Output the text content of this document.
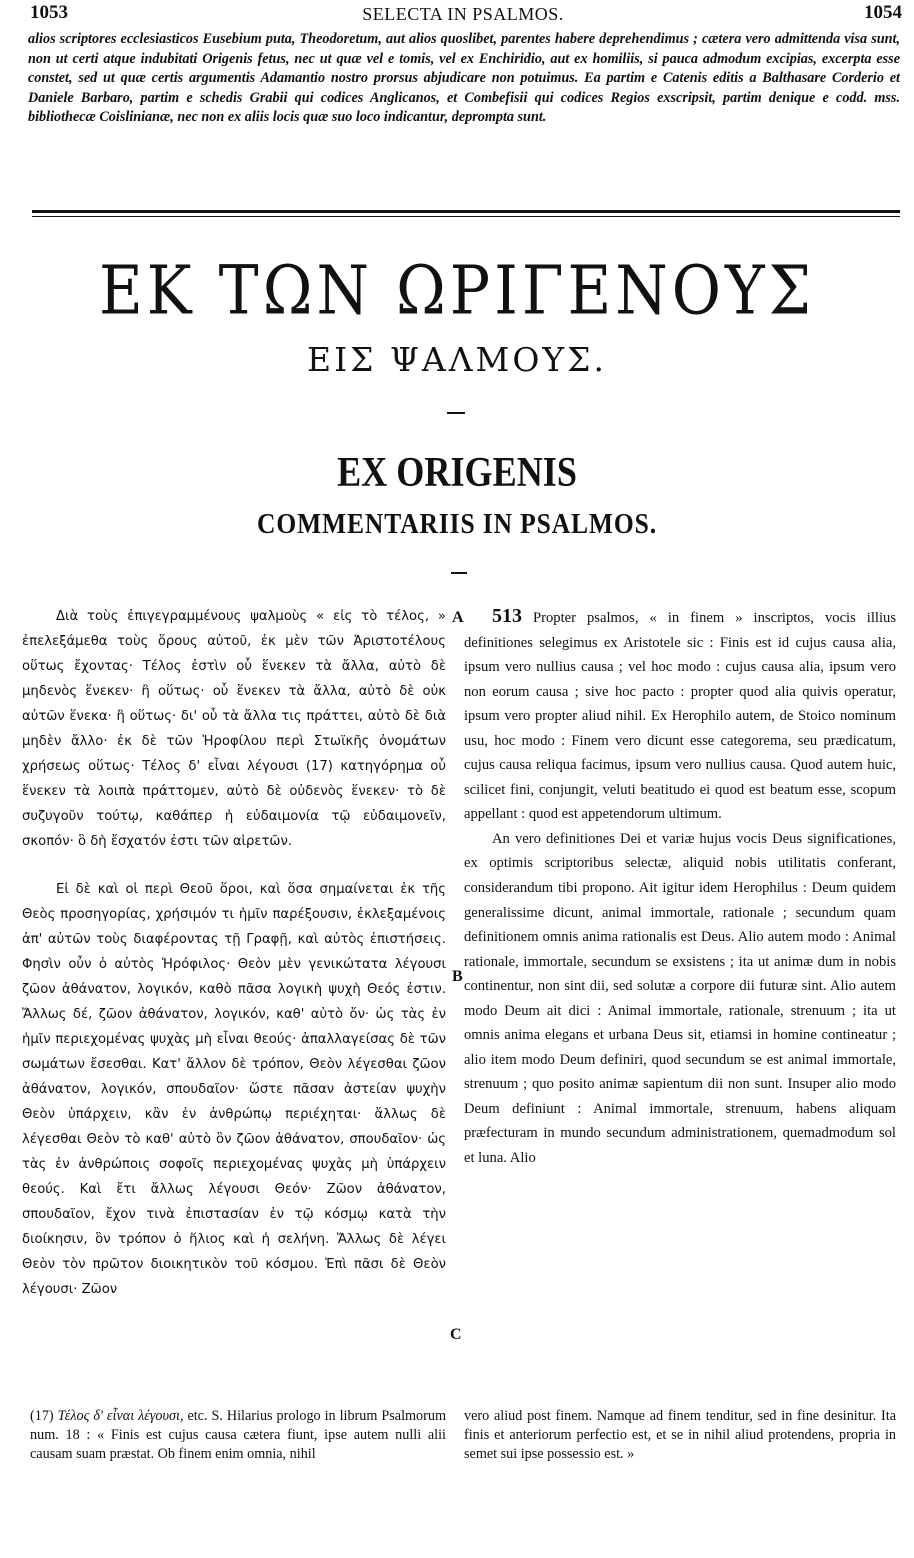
1053	SELECTA IN PSALMOS.	1054
alios scriptores ecclesiasticos Eusebium puta, Theodoretum, aut alios quoslibet, parentes habere deprehendimus ; cætera vero admittenda visa sunt, non ut certi atque indubitati Origenis fetus, nec ut quæ vel e tomis, vel ex Enchiridio, aut ex homiliis, si pauca admodum excipias, excerpta esse constet, sed ut quæ certis argumentis Adamantio nostro prorsus abjudicare non potuimus. Ea partim e Catenis editis a Balthasare Corderio et Daniele Barbaro, partim e schedis Grabii qui codices Anglicanos, et Combefisii qui codices Regios exscripsit, partim denique e codd. mss. bibliothecæ Coislinianæ, nec non ex aliis locis quæ suo loco indicantur, deprompta sunt.
ΕΚ ΤΩΝ ΩΡΙΓΕΝΟΥΣ
ΕΙΣ ΨΑΛΜΟΥΣ.
EX ORIGENIS
COMMENTARIIS IN PSALMOS.

Διὰ τοὺς ἐπιγεγραμμένους ψαλμοὺς « εἰς τὸ τέλος, » ἐπελεξάμεθα τοὺς ὅρους αὐτοῦ, ἐκ μὲν τῶν Ἀριστοτέλους οὕτως ἔχοντας· Τέλος ἐστὶν οὗ ἕνεκεν τὰ ἄλλα, αὐτὸ δὲ μηδενὸς ἕνεκεν· ἢ οὕτως· οὗ ἕνεκεν τὰ ἄλλα, αὐτὸ δὲ οὐκ αὐτῶν ἕνεκα· ἢ οὕτως· δι' οὗ τὰ ἄλλα τις πράττει, αὐτὸ δὲ διὰ μηδὲν ἄλλο· ἐκ δὲ τῶν Ἡροφίλου περὶ Στωϊκῆς ὀνομάτων χρήσεως οὕτως· Τέλος δ' εἶναι λέγουσι (17) κατηγόρημα οὗ ἕνεκεν τὰ λοιπὰ πράττομεν, αὐτὸ δὲ οὐδενὸς ἕνεκεν· τὸ δὲ συζυγοῦν τούτῳ, καθάπερ ἡ εὐδαιμονία τῷ εὐδαιμονεῖν, σκοπόν· ὃ δὴ ἔσχατόν ἐστι τῶν αἱρετῶν.

Εἰ δὲ καὶ οἱ περὶ Θεοῦ ὅροι, καὶ ὅσα σημαίνεται ἐκ τῆς Θεὸς προσηγορίας, χρήσιμόν τι ἡμῖν παρέξουσιν, ἐκλεξαμένοις ἀπ' αὐτῶν τοὺς διαφέροντας τῇ Γραφῇ, καὶ αὐτὸς ἐπιστήσεις. Φησὶν οὖν ὁ αὐτὸς Ἡρόφιλος· Θεὸν μὲν γενικώτατα λέγουσι ζῶον ἀθάνατον, λογικόν, καθὸ πᾶσα λογικὴ ψυχὴ Θεός ἐστιν. Ἄλλως δέ, ζῶον ἀθάνατον, λογικόν, καθ' αὐτὸ ὄν· ὡς τὰς ἐν ἡμῖν περιεχομένας ψυχὰς μὴ εἶναι θεούς· ἀπαλλαγείσας δὲ τῶν σωμάτων ἔσεσθαι. Κατ' ἄλλον δὲ τρόπον, Θεὸν λέγεσθαι ζῶον ἀθάνατον, λογικόν, σπουδαῖον· ὥστε πᾶσαν ἀστείαν ψυχὴν Θεὸν ὑπάρχειν, κἂν ἐν ἀνθρώπῳ περιέχηται· ἄλλως δὲ λέγεσθαι Θεὸν τὸ καθ' αὐτὸ ὂν ζῶον ἀθάνατον, σπουδαῖον· ὡς τὰς ἐν ἀνθρώποις σοφοῖς περιεχομένας ψυχὰς μὴ ὑπάρχειν θεούς. Καὶ ἔτι ἄλλως λέγουσι Θεόν· Ζῶον ἀθάνατον, σπουδαῖον, ἔχον τινὰ ἐπιστασίαν ἐν τῷ κόσμῳ κατὰ τὴν διοίκησιν, ὃν τρόπον ὁ ἥλιος καὶ ἡ σελήνη. Ἄλλως δὲ λέγει Θεὸν τὸν πρῶτον διοικητικὸν τοῦ κόσμου. Ἐπὶ πᾶσι δὲ Θεὸν λέγουσι· Ζῶον

A
B
C

513 Propter psalmos, « in finem » inscriptos, vocis illius definitiones selegimus ex Aristotele sic : Finis est id cujus causa alia, ipsum vero nullius causa ; vel hoc modo : cujus causa alia, ipsum vero non eorum causa ; sive hoc pacto : propter quod alia quivis operatur, ipsum vero propter aliud nihil. Ex Herophilo autem, de Stoico nominum usu, hoc modo : Finem vero dicunt esse categorema, seu prædicatum, cujus causa reliqua facimus, ipsum vero nullius causa. Quod autem huic, scilicet fini, conjungit, veluti beatitudo ei quod est beatum esse, scopum appellant : quod est appetendorum ultimum.

An vero definitiones Dei et variæ hujus vocis Deus significationes, ex optimis scriptoribus selectæ, aliquid nobis utilitatis conferant, considerandum tibi propono. Ait igitur idem Herophilus : Deum quidem generalissime dicunt, animal immortale, rationale ; secundum quam definitionem omnis anima rationalis est Deus. Alio autem modo : Animal rationale, immortale, secundum se exsistens ; ita ut animæ dum in nobis continentur, non sint dii, sed solutæ a corpore dii futuræ sint. Alio autem modo Deum ait dici : Animal immortale, rationale, strenuum ; ita ut omnis anima elegans et urbana Deus sit, etiamsi in homine contineatur ; alio item modo Deum definiri, quod secundum se est animal immortale, strenuum ; quo posito animæ sapientum dii non sunt. Insuper alio modo Deum definiunt : Animal immortale, strenuum, habens aliquam præfecturam in mundo secundum administrationem, quemadmodum sol et luna. Alio

(17) Τέλος δ' εἶναι λέγουσι, etc. S. Hilarius prologo in librum Psalmorum num. 18 : « Finis est cujus causa cætera fiunt, ipse autem nulli alii causam suam præstat. Ob finem enim omnia, nihil
vero aliud post finem. Namque ad finem tenditur, sed in fine desinitur. Ita finis et anteriorum perfectio est, et se in nihil aliud protendens, propria in semet sui ipse possessio est. »
